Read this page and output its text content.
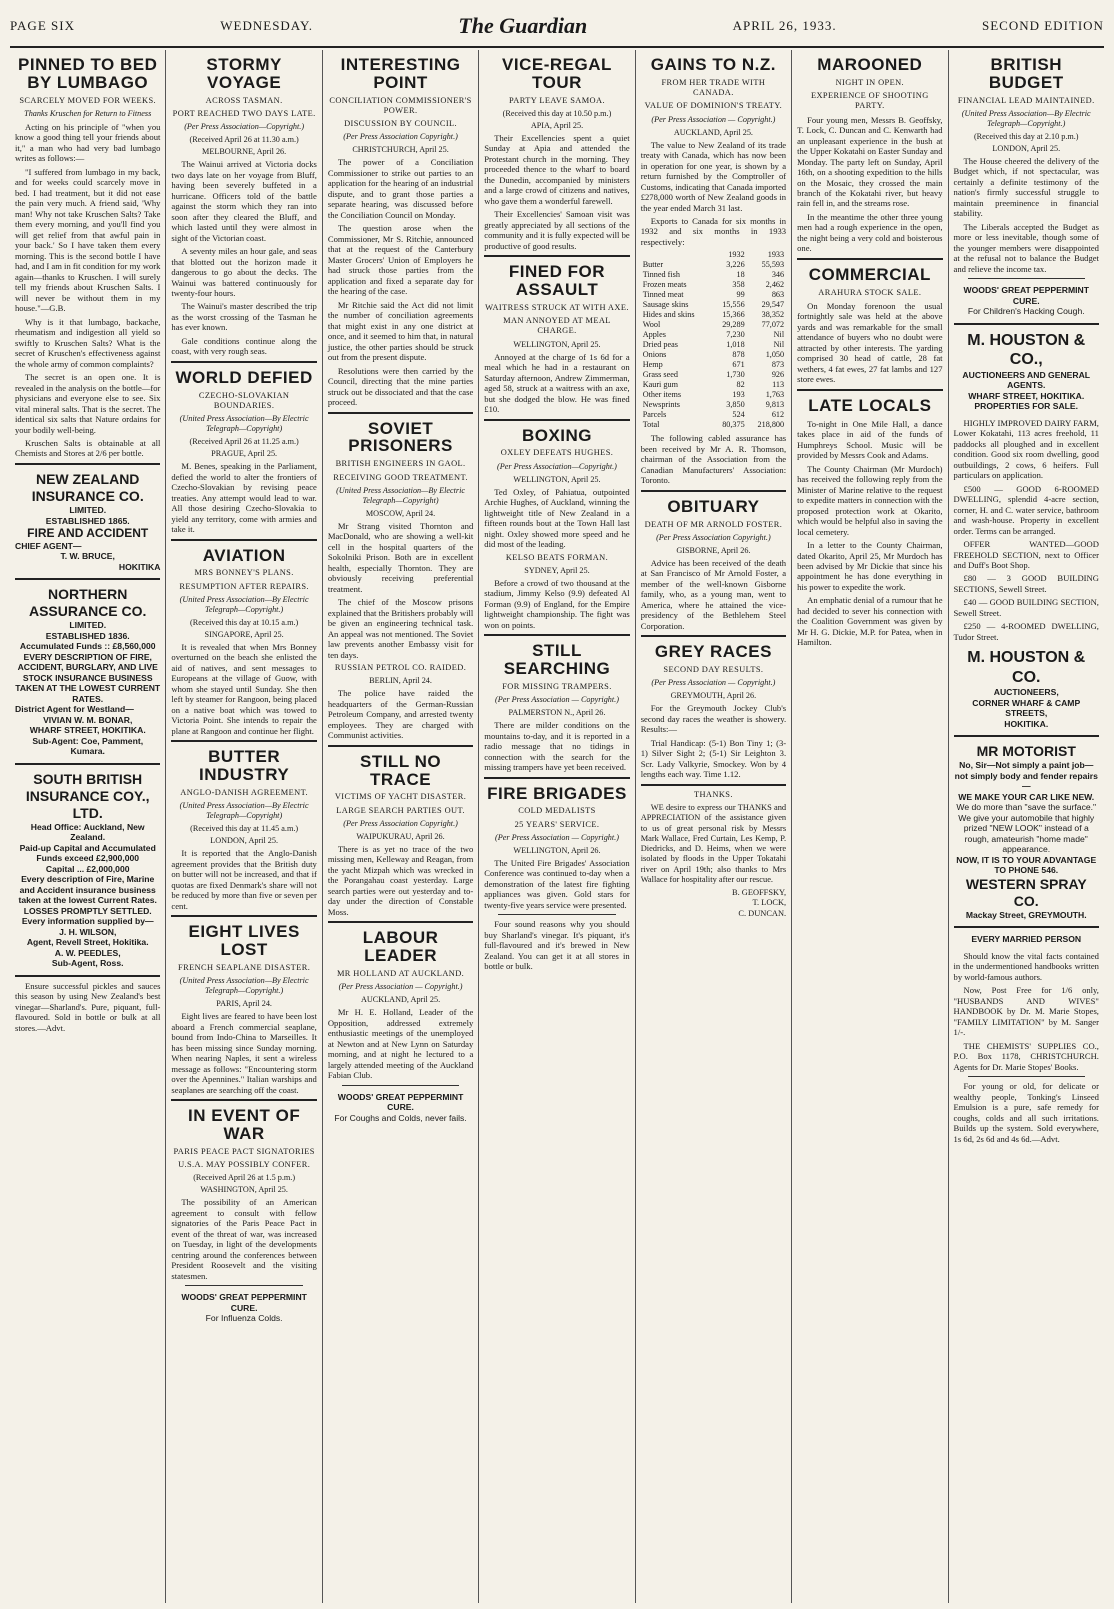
PAGE SIX	WEDNESDAY.	The Guardian	APRIL 26, 1933.	SECOND EDITION
PINNED TO BED BY LUMBAGO
SCARCELY MOVED FOR WEEKS.
Thanks Kruschen for Return to Fitness

Acting on his principle of "when you know a good thing tell your friends about it," a man who had very bad lumbago writes as follows:—

"I suffered from lumbago in my back, and for weeks could scarcely move in bed. I had treatment, but it did not ease the pain very much. A friend said, 'Why man! Why not take Kruschen Salts? Take them every morning, and you'll find you will get relief from that awful pain in your back.' So I have taken them every morning. This is the second bottle I have had, and I am in fit condition for my work again—thanks to Kruschen. I will surely tell my friends about Kruschen Salts. I will never be without them in my house."—G.B.

Why is it that lumbago, backache, rheumatism and indigestion all yield so swiftly to Kruschen Salts? What is the secret of Kruschen's effectiveness against the whole army of common complaints?

The secret is an open one. It is revealed in the analysis on the bottle—for physicians and everyone else to see. Six vital mineral salts. That is the secret. The identical six salts that Nature ordains for your bodily well-being.

Kruschen Salts is obtainable at all Chemists and Stores at 2/6 per bottle.

NEW ZEALAND INSURANCE CO.
LIMITED.
ESTABLISHED 1865.
FIRE AND ACCIDENT
CHIEF AGENT—
T. W. BRUCE,
HOKITIKA
NORTHERN ASSURANCE CO.
LIMITED.
ESTABLISHED 1836.
Accumulated Funds :: £8,560,000
EVERY DESCRIPTION OF FIRE, ACCIDENT, BURGLARY, AND LIVE STOCK INSURANCE BUSINESS TAKEN AT THE LOWEST CURRENT RATES.
District Agent for Westland—
VIVIAN W. M. BONAR,
WHARF STREET, HOKITIKA.
Sub-Agent: Coe, Pamment, Kumara.
SOUTH BRITISH INSURANCE COY., LTD.
Head Office: Auckland, New Zealand.
Paid-up Capital and Accumulated Funds exceed £2,900,000
Capital ... £2,000,000
Every description of Fire, Marine and Accident insurance business taken at the lowest Current Rates.
LOSSES PROMPTLY SETTLED.
Every information supplied by—
J. H. WILSON,
Agent, Revell Street, Hokitika.
A. W. PEEDLES,
Sub-Agent, Ross.

Ensure successful pickles and sauces this season by using New Zealand's best vinegar—Sharland's. Pure, piquant, full-flavoured. Sold in bottle or bulk at all stores.—Advt.

STORMY VOYAGE
ACROSS TASMAN.
PORT REACHED TWO DAYS LATE.
(Per Press Association—Copyright.)
(Received April 26 at 11.30 a.m.)
MELBOURNE, April 26.

The Wainui arrived at Victoria docks two days late on her voyage from Bluff, having been severely buffeted in a hurricane. Officers told of the battle against the storm which they ran into soon after they cleared the Bluff, and which lasted until they were almost in sight of the Victorian coast.

A seventy miles an hour gale, and seas that blotted out the horizon made it dangerous to go about the decks. The Wainui was battered continuously for twenty-four hours.

The Wainui's master described the trip as the worst crossing of the Tasman he has ever known.

Gale conditions continue along the coast, with very rough seas.

WORLD DEFIED
CZECHO-SLOVAKIAN BOUNDARIES.
(United Press Association—By Electric Telegraph—Copyright)
(Received April 26 at 11.25 a.m.)
PRAGUE, April 25.

M. Benes, speaking in the Parliament, defied the world to alter the frontiers of Czecho-Slovakian by revising peace treaties. Any attempt would lead to war. All those desiring Czecho-Slovakia to yield any territory, come with armies and take it.

AVIATION
MRS BONNEY'S PLANS.
RESUMPTION AFTER REPAIRS.
(United Press Association—By Electric Telegraph—Copyright.)
(Received this day at 10.15 a.m.)
SINGAPORE, April 25.

It is revealed that when Mrs Bonney overturned on the beach she enlisted the aid of natives, and sent messages to Europeans at the village of Guow, with whom she stayed until Sunday. She then left by steamer for Rangoon, being placed on a native boat which was towed to Victoria Point. She intends to repair the plane at Rangoon and continue her flight.

BUTTER INDUSTRY
ANGLO-DANISH AGREEMENT.
(United Press Association—By Electric Telegraph—Copyright)
(Received this day at 11.45 a.m.)
LONDON, April 25.

It is reported that the Anglo-Danish agreement provides that the British duty on butter will not be increased, and that if quotas are fixed Denmark's share will not be reduced by more than five or seven per cent.

EIGHT LIVES LOST
FRENCH SEAPLANE DISASTER.
(United Press Association—By Electric Telegraph—Copyright.)
PARIS, April 24.

Eight lives are feared to have been lost aboard a French commercial seaplane, bound from Indo-China to Marseilles. It has been missing since Sunday morning. When nearing Naples, it sent a wireless message as follows: "Encountering storm over the Apennines." Italian warships and seaplanes are searching off the coast.

IN EVENT OF WAR
PARIS PEACE PACT SIGNATORIES
U.S.A. MAY POSSIBLY CONFER.
(Received April 26 at 1.5 p.m.)
WASHINGTON, April 25.

The possibility of an American agreement to consult with fellow signatories of the Paris Peace Pact in event of the threat of war, was increased on Tuesday, in light of the developments centring around the conferences between President Roosevelt and the visiting statesmen.

WOODS' GREAT PEPPERMINT CURE.
For Influenza Colds.
INTERESTING POINT
CONCILIATION COMMISSIONER'S POWER.
DISCUSSION BY COUNCIL.
(Per Press Association Copyright.)
CHRISTCHURCH, April 25.

The power of a Conciliation Commissioner to strike out parties to an application for the hearing of an industrial dispute, and to grant those parties a separate hearing, was discussed before the Conciliation Council on Monday.

The question arose when the Commissioner, Mr S. Ritchie, announced that at the request of the Canterbury Master Grocers' Union of Employers he had struck those parties from the application and fixed a separate day for the hearing of the case.

Mr Ritchie said the Act did not limit the number of conciliation agreements that might exist in any one district at once, and it seemed to him that, in natural justice, the other parties should be struck out from the present dispute.

Resolutions were then carried by the Council, directing that the mine parties struck out be dissociated and that the case proceed.

SOVIET PRISONERS
BRITISH ENGINEERS IN GAOL.
RECEIVING GOOD TREATMENT.
(United Press Association—By Electric Telegraph—Copyright)
MOSCOW, April 24.

Mr Strang visited Thornton and MacDonald, who are showing a well-kit cell in the hospital quarters of the Sokolniki Prison. Both are in excellent health, especially Thornton. They are obviously receiving preferential treatment.

The chief of the Moscow prisons explained that the Britishers probably will be given an engineering technical task. An appeal was not mentioned. The Soviet law prevents another Embassy visit for ten days.

RUSSIAN PETROL CO. RAIDED.
BERLIN, April 24.

The police have raided the headquarters of the German-Russian Petroleum Company, and arrested twenty employees. They are charged with Communist activities.

STILL NO TRACE
VICTIMS OF YACHT DISASTER.
LARGE SEARCH PARTIES OUT.
(Per Press Association Copyright.)
WAIPUKURAU, April 26.

There is as yet no trace of the two missing men, Kelleway and Reagan, from the yacht Mizpah which was wrecked in the Porangahau coast yesterday. Large search parties were out yesterday and to-day under the direction of Constable Moss.

LABOUR LEADER
MR HOLLAND AT AUCKLAND.
(Per Press Association — Copyright.)
AUCKLAND, April 25.

Mr H. E. Holland, Leader of the Opposition, addressed extremely enthusiastic meetings of the unemployed at Newton and at New Lynn on Saturday morning, and at night he lectured to a largely attended meeting of the Auckland Fabian Club.

WOODS' GREAT PEPPERMINT CURE.
For Coughs and Colds, never fails.
VICE-REGAL TOUR
PARTY LEAVE SAMOA.
(Received this day at 10.50 p.m.)
APIA, April 25.

Their Excellencies spent a quiet Sunday at Apia and attended the Protestant church in the morning. They proceeded thence to the wharf to board the Dunedin, accompanied by ministers and a large crowd of citizens and natives, who gave them a wonderful farewell.

Their Excellencies' Samoan visit was greatly appreciated by all sections of the community and it is fully expected will be productive of good results.

FINED FOR ASSAULT
WAITRESS STRUCK AT WITH AXE.
MAN ANNOYED AT MEAL CHARGE.
WELLINGTON, April 25.

Annoyed at the charge of 1s 6d for a meal which he had in a restaurant on Saturday afternoon, Andrew Zimmerman, aged 58, struck at a waitress with an axe, but she dodged the blow. He was fined £10.

BOXING
OXLEY DEFEATS HUGHES.
(Per Press Association—Copyright.)
WELLINGTON, April 25.

Ted Oxley, of Pahiatua, outpointed Archie Hughes, of Auckland, winning the lightweight title of New Zealand in a fifteen rounds bout at the Town Hall last night. Oxley showed more speed and he did most of the leading.

KELSO BEATS FORMAN.
SYDNEY, April 25.

Before a crowd of two thousand at the stadium, Jimmy Kelso (9.9) defeated Al Forman (9.9) of England, for the Empire lightweight championship. The fight was won on points.

STILL SEARCHING
FOR MISSING TRAMPERS.
(Per Press Association — Copyright.)
PALMERSTON N., April 26.

There are milder conditions on the mountains to-day, and it is reported in a radio message that no tidings in connection with the search for the missing trampers have yet been received.

FIRE BRIGADES
COLD MEDALISTS
25 YEARS' SERVICE.
(Per Press Association — Copyright.)
WELLINGTON, April 26.

The United Fire Brigades' Association Conference was continued to-day when a demonstration of the latest fire fighting appliances was given. Gold stars for twenty-five years service were presented.

Four sound reasons why you should buy Sharland's vinegar. It's piquant, it's full-flavoured and it's brewed in New Zealand. You can get it at all stores in bottle or bulk.

GAINS TO N.Z.
FROM HER TRADE WITH CANADA.
VALUE OF DOMINION'S TREATY.
(Per Press Association — Copyright.)
AUCKLAND, April 25.

The value to New Zealand of its trade treaty with Canada, which has now been in operation for one year, is shown by a return furnished by the Comptroller of Customs, indicating that Canada imported £278,000 worth of New Zealand goods in the year ended March 31 last.

Exports to Canada for six months in 1932 and six months in 1933 respectively:

	1932	1933
Butter	3,226	55,593
Tinned fish	18	346
Frozen meats	358	2,462
Tinned meat	99	863
Sausage skins	15,556	29,547
Hides and skins	15,366	38,352
Wool	29,289	77,072
Apples	7,230	Nil
Dried peas	1,018	Nil
Onions	878	1,050
Hemp	671	873
Grass seed	1,730	926
Kauri gum	82	113
Other items	193	1,763
Newsprints	3,850	9,813
Parcels	524	612
Total	80,375	218,800

The following cabled assurance has been received by Mr A. R. Thomson, chairman of the Association from the Canadian Manufacturers' Association: Toronto.

OBITUARY
DEATH OF MR ARNOLD FOSTER.
(Per Press Association Copyright.)
GISBORNE, April 26.

Advice has been received of the death at San Francisco of Mr Arnold Foster, a member of the well-known Gisborne family, who, as a young man, went to America, where he attained the vice-presidency of the Bethlehem Steel Corporation.

GREY RACES
SECOND DAY RESULTS.
(Per Press Association — Copyright.)
GREYMOUTH, April 26.

For the Greymouth Jockey Club's second day races the weather is showery. Results:—

Trial Handicap: (5-1) Bon Tiny 1; (3-1) Silver Sight 2; (5-1) Sir Leighton 3. Scr. Lady Valkyrie, Smockey. Won by 4 lengths each way. Time 1.12.

THANKS.

WE desire to express our THANKS and APPRECIATION of the assistance given to us of great personal risk by Messrs Mark Wallace, Fred Curtain, Les Kemp, P. Diedricks, and D. Heims, when we were isolated by floods in the Upper Tokatahi river on April 19th; also thanks to Mrs Wallace for hospitality after our rescue.

B. GEOFFSKY,
T. LOCK,
C. DUNCAN.
MAROONED
NIGHT IN OPEN.
EXPERIENCE OF SHOOTING PARTY.

Four young men, Messrs B. Geoffsky, T. Lock, C. Duncan and C. Kenwarth had an unpleasant experience in the bush at the Upper Kokatahi on Easter Sunday and Monday. The party left on Sunday, April 16th, on a shooting expedition to the hills on the Mosaic, they crossed the main branch of the Kokatahi river, but heavy rain fell in, and the streams rose.

In the meantime the other three young men had a rough experience in the open, the night being a very cold and boisterous one.

COMMERCIAL
ARAHURA STOCK SALE.

On Monday forenoon the usual fortnightly sale was held at the above yards and was remarkable for the small attendance of buyers who no doubt were attracted by other interests. The yarding comprised 30 head of cattle, 28 fat wethers, 4 fat ewes, 27 fat lambs and 127 store ewes.

LATE LOCALS

To-night in One Mile Hall, a dance takes place in aid of the funds of Humphreys School. Music will be provided by Messrs Cook and Adams.

The County Chairman (Mr Murdoch) has received the following reply from the Minister of Marine relative to the request to expedite matters in connection with the proposed protection work at Okarito, which would be helpful also in saving the local cemetery.

In a letter to the County Chairman, dated Okarito, April 25, Mr Murdoch has been advised by Mr Dickie that since his appointment he has done everything in his power to expedite the work.

An emphatic denial of a rumour that he had decided to sever his connection with the Coalition Government was given by Mr H. G. Dickie, M.P. for Patea, when in Hamilton.

BRITISH BUDGET
FINANCIAL LEAD MAINTAINED.
(United Press Association—By Electric Telegraph—Copyright.)
(Received this day at 2.10 p.m.)
LONDON, April 25.

The House cheered the delivery of the Budget which, if not spectacular, was certainly a definite testimony of the nation's firmly successful struggle to maintain preeminence in financial stability.

The Liberals accepted the Budget as more or less inevitable, though some of the younger members were disappointed at the refusal not to balance the Budget and relieve the income tax.

WOODS' GREAT PEPPERMINT CURE.
For Children's Hacking Cough.
M. HOUSTON & CO.,
AUCTIONEERS AND GENERAL AGENTS.
WHARF STREET, HOKITIKA.
PROPERTIES FOR SALE.

HIGHLY IMPROVED DAIRY FARM, Lower Kokatahi, 113 acres freehold, 11 paddocks all ploughed and in excellent condition. Good six room dwelling, good outbuildings, 2 cows, 6 heifers. Full particulars on application.

£500 — GOOD 6-ROOMED DWELLING, splendid 4-acre section, corner, H. and C. water service, bathroom and wash-house. Property in excellent order. Terms can be arranged.

OFFER WANTED—GOOD FREEHOLD SECTION, next to Officer and Duff's Boot Shop.

£80 — 3 GOOD BUILDING SECTIONS, Sewell Street.

£40 — GOOD BUILDING SECTION, Sewell Street.

£250 — 4-ROOMED DWELLING, Tudor Street.

M. HOUSTON & CO.
AUCTIONEERS,
CORNER WHARF & CAMP STREETS,
HOKITIKA.
MR MOTORIST
No, Sir—Not simply a paint job—not simply body and fender repairs—
WE MAKE YOUR CAR LIKE NEW.
We do more than "save the surface." We give your automobile that highly prized "NEW LOOK" instead of a rough, amateurish "home made" appearance.
NOW, IT IS TO YOUR ADVANTAGE TO PHONE 546.
WESTERN SPRAY CO.
Mackay Street, GREYMOUTH.
EVERY MARRIED PERSON

Should know the vital facts contained in the undermentioned handbooks written by world-famous authors.

Now, Post Free for 1/6 only, "HUSBANDS AND WIVES" HANDBOOK by Dr. M. Marie Stopes, "FAMILY LIMITATION" by M. Sanger 1/-.

THE CHEMISTS' SUPPLIES CO., P.O. Box 1178, CHRISTCHURCH. Agents for Dr. Marie Stopes' Books.

For young or old, for delicate or wealthy people, Tonking's Linseed Emulsion is a pure, safe remedy for coughs, colds and all such irritations. Builds up the system. Sold everywhere, 1s 6d, 2s 6d and 4s 6d.—Advt.
